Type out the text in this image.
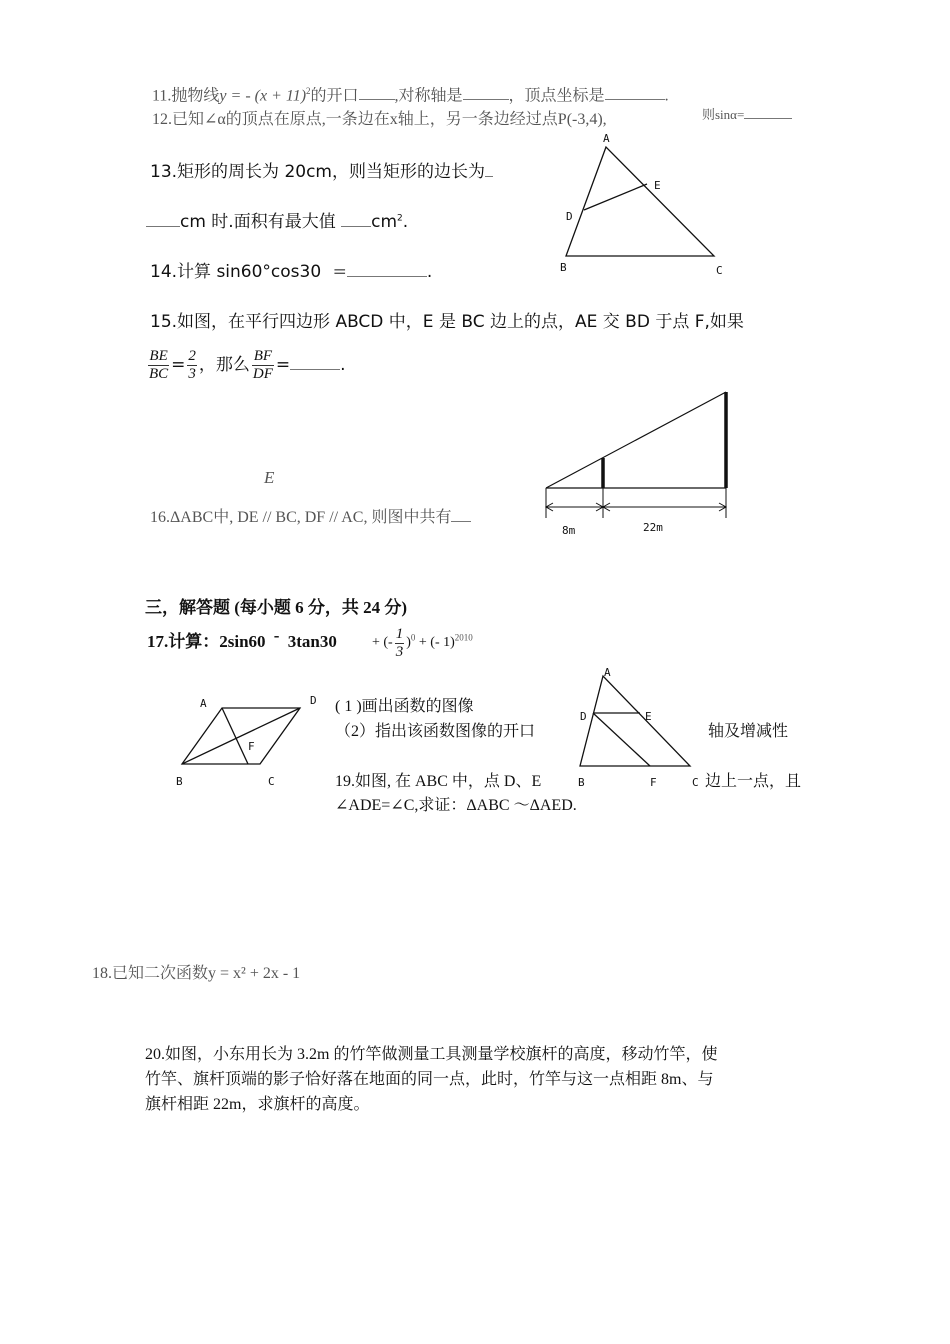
11.抛物线y = - $(x + 11)^2$的开口 ,对称轴是	，顶点坐标是	.
12.已知∠α的顶点在原点,一条边在x轴上，另一条边经过点P(-3,4),	则sinα=
13.矩形的周长为 20cm，则当矩形的边长为
cm 时.面积有最大值 $cm^2$.
14.计算 sin60°cos30 =	.
15.如图，在平行四边形 ABCD 中，E 是 BC 边上的点，AE 交 BD 于点 F,如果
$\frac{BE}{BC} = \frac{2}{3}$ ，那么 $\frac{BF}{DF}$ =	.
E
16.ΔABC中, DE // BC, DF // AC, 则图中共有
三，解答题 (每小题 6 分，共 24 分)
17.计算：2sin60 - 3tan30	+ (- $\frac{1}{3} )^0$ + (- 1)$^{2010}$
( 1 )画出函数的图像
（2）指出该函数图像的开口	轴及增减性
19.如图, 在 ABC 中，点 D、E	边上一点，且
∠ADE=∠C,求证：ΔABC ～ΔAED.
18.已知二次函数y = x² + 2x - 1
20.如图，小东用长为 3.2m 的竹竿做测量工具测量学校旗杆的高度，移动竹竿，使
竹竿、旗杆顶端的影子恰好落在地面的同一点，此时，竹竿与这一点相距 8m、与
旗杆相距 22m，求旗杆的高度。
A
B	C
D
E
8m	22m
A	D
B	C
F
A
B	C
D	E
F
